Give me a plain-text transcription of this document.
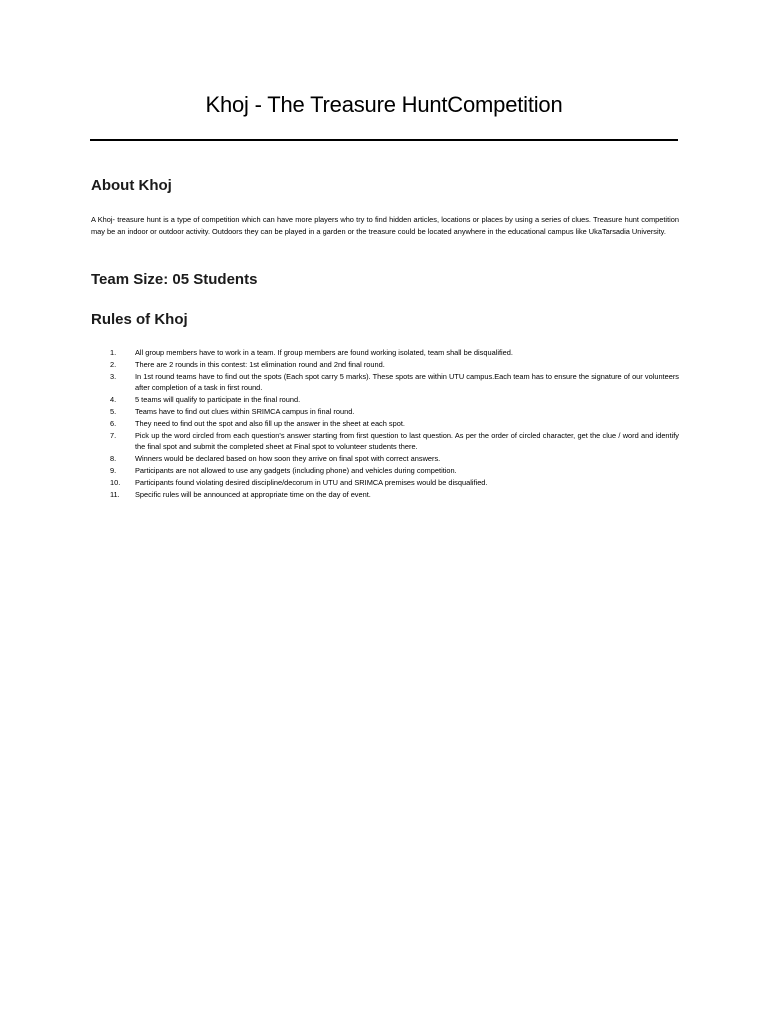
Khoj - The Treasure HuntCompetition
About Khoj

A Khoj- treasure hunt is a type of competition which can have more players who try to find hidden articles, locations or places by using a series of clues. Treasure hunt competition may be an indoor or outdoor activity. Outdoors they can be played in a garden or the treasure could be located anywhere in the educational campus like UkaTarsadia University.

Team Size: 05 Students
Rules of Khoj
1.	All group members have to work in a team. If group members are found working isolated, team shall be disqualified.
2.	There are 2 rounds in this contest: 1st elimination round and 2nd final round.
3.	In 1st round teams have to find out the spots (Each spot carry 5 marks). These spots are within UTU campus.Each team has to ensure the signature of our volunteers after completion of a task in first round.
4.	5 teams will qualify to participate in the final round.
5.	Teams have to find out clues within SRIMCA campus in final round.
6.	They need to find out the spot and also fill up the answer in the sheet at each spot.
7.	Pick up the word circled from each question's answer starting from first question to last question. As per the order of circled character, get the clue / word and identify the final spot and submit the completed sheet at Final spot to volunteer students there.
8.	Winners would be declared based on how soon they arrive on final spot with correct answers.
9.	Participants are not allowed to use any gadgets (including phone) and vehicles during competition.
10.	Participants found violating desired discipline/decorum in UTU and SRIMCA premises would be disqualified.
11.	Specific rules will be announced at appropriate time on the day of event.
